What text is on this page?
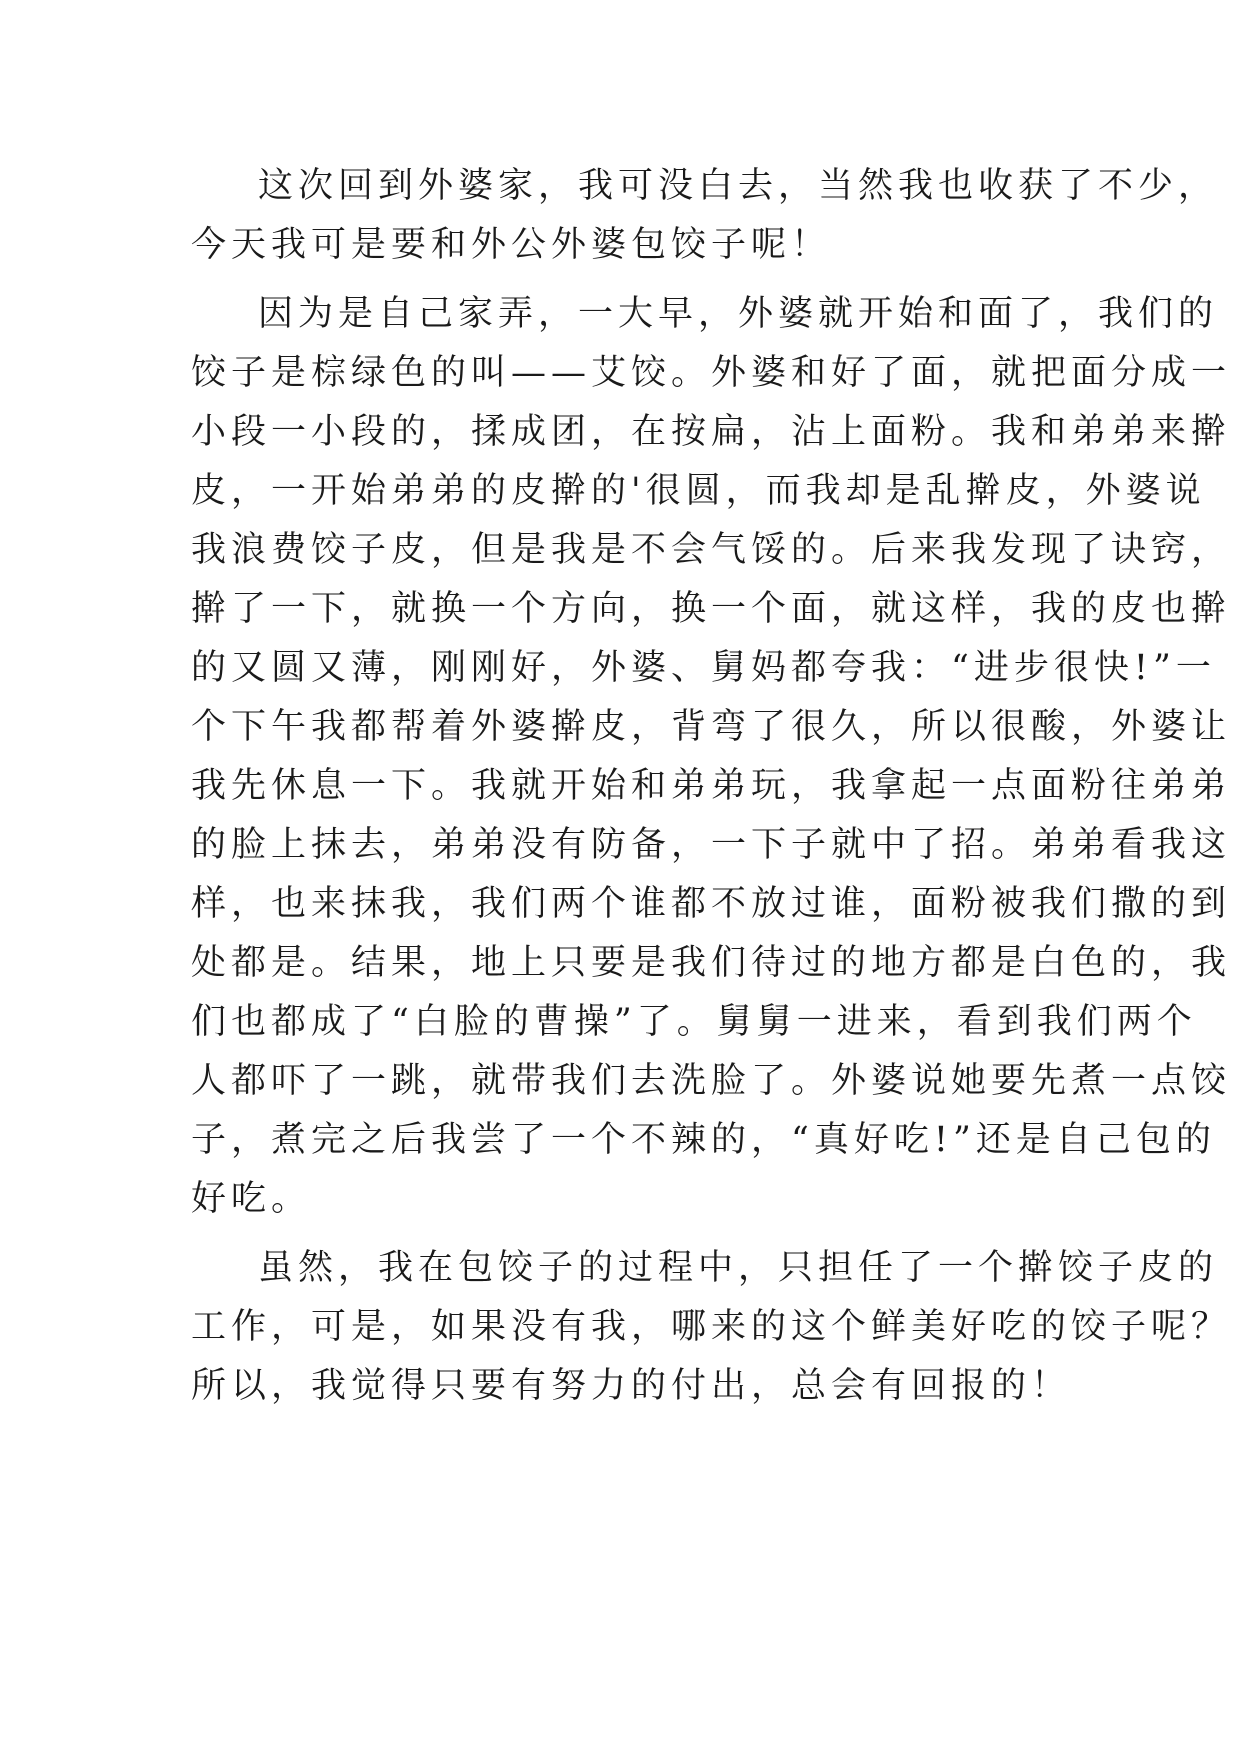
这次回到外婆家，我可没白去，当然我也收获了不少，
今天我可是要和外公外婆包饺子呢！
因为是自己家弄，一大早，外婆就开始和面了，我们的
饺子是棕绿色的叫——艾饺。外婆和好了面，就把面分成一
小段一小段的，揉成团，在按扁，沾上面粉。我和弟弟来擀
皮，一开始弟弟的皮擀的'很圆，而我却是乱擀皮，外婆说
我浪费饺子皮，但是我是不会气馁的。后来我发现了诀窍，
擀了一下，就换一个方向，换一个面，就这样，我的皮也擀
的又圆又薄，刚刚好，外婆、舅妈都夸我：“进步很快!”一
个下午我都帮着外婆擀皮，背弯了很久，所以很酸，外婆让
我先休息一下。我就开始和弟弟玩，我拿起一点面粉往弟弟
的脸上抹去，弟弟没有防备，一下子就中了招。弟弟看我这
样，也来抹我，我们两个谁都不放过谁，面粉被我们撒的到
处都是。结果，地上只要是我们待过的地方都是白色的，我
们也都成了“白脸的曹操”了。舅舅一进来，看到我们两个
人都吓了一跳，就带我们去洗脸了。外婆说她要先煮一点饺
子，煮完之后我尝了一个不辣的，“真好吃!”还是自己包的
好吃。
虽然，我在包饺子的过程中，只担任了一个擀饺子皮的
工作，可是，如果没有我，哪来的这个鲜美好吃的饺子呢？
所以，我觉得只要有努力的付出，总会有回报的！
